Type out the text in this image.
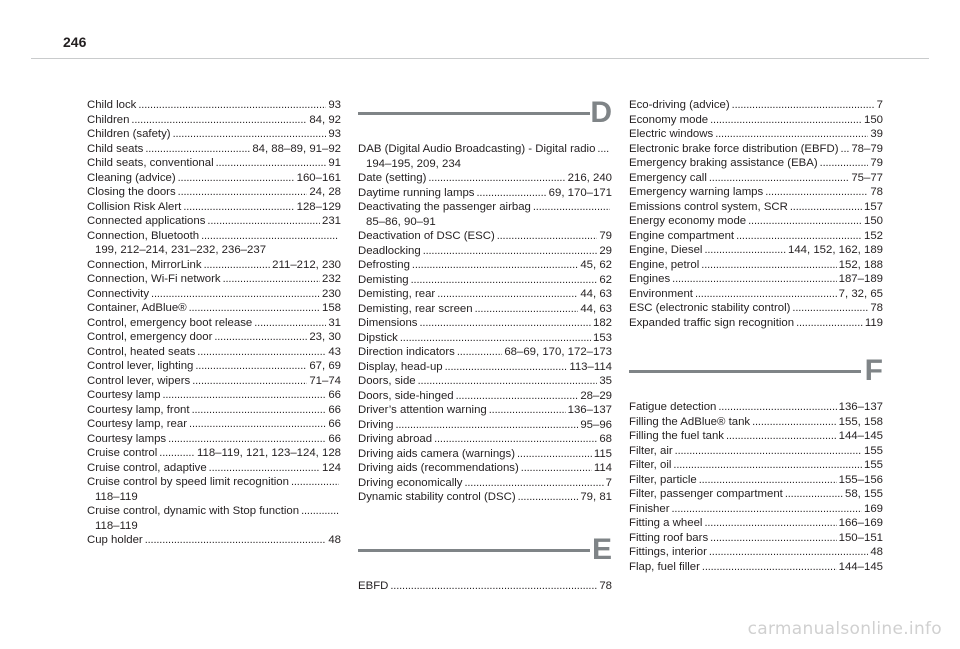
246
Child lock . . .	93
Children . . .	84, 92
Children (safety) . . .	93
Child seats . . .	84, 88–89, 91–92
Child seats, conventional . . .	91
Cleaning (advice) . . .	160–161
Closing the doors . . .	24, 28
Collision Risk Alert . . .	128–129
Connected applications . . .	231
Connection, Bluetooth
. . .
199, 212–214, 231–232, 236–237
Connection, MirrorLink . . .	211–212, 230
Connection, Wi-Fi network . . .	232
Connectivity . . .	230
Container, AdBlue® . . .	158
Control, emergency boot release . . .	31
Control, emergency door . . .	23, 30
Control, heated seats . . .	43
Control lever, lighting . . .	67, 69
Control lever, wipers . . .	71–74
Courtesy lamp . . .	66
Courtesy lamp, front . . .	66
Courtesy lamp, rear . . .	66
Courtesy lamps . . .	66
Cruise control . . .	118–119, 121, 123–124, 128
Cruise control, adaptive . . .	124
Cruise control by speed limit recognition
. . .
118–119
Cruise control, dynamic with Stop function
. . .
118–119
Cup holder . . .	48
D
DAB (Digital Audio Broadcasting) - Digital radio
. . .
194–195, 209, 234
Date (setting) . . .	216, 240
Daytime running lamps . . .	69, 170–171
Deactivating the passenger airbag
. . .
85–86, 90–91
Deactivation of DSC (ESC) . . .	79
Deadlocking . . .	29
Defrosting . . .	45, 62
Demisting . . .	62
Demisting, rear . . .	44, 63
Demisting, rear screen . . .	44, 63
Dimensions . . .	182
Dipstick . . .	153
Direction indicators . . .	68–69, 170, 172–173
Display, head-up . . .	113–114
Doors, side . . .	35
Doors, side-hinged . . .	28–29
Driver’s attention warning . . .	136–137
Driving . . .	95–96
Driving abroad . . .	68
Driving aids camera (warnings) . . .	115
Driving aids (recommendations) . . .	114
Driving economically . . .	7
Dynamic stability control (DSC) . . .	79, 81
E
EBFD . . .	78
Eco-driving (advice) . . .	7
Economy mode . . .	150
Electric windows . . .	39
Electronic brake force distribution (EBFD) . . . 78–79
Emergency braking assistance (EBA) . . .	79
Emergency call . . .	75–77
Emergency warning lamps . . .	78
Emissions control system, SCR . . .	157
Energy economy mode . . .	150
Engine compartment . . .	152
Engine, Diesel . . .	144, 152, 162, 189
Engine, petrol . . .	152, 188
Engines . . .	187–189
Environment . . .	7, 32, 65
ESC (electronic stability control) . . .	78
Expanded traffic sign recognition . . .	119
F
Fatigue detection . . .	136–137
Filling the AdBlue® tank . . .	155, 158
Filling the fuel tank . . .	144–145
Filter, air . . .	155
Filter, oil . . .	155
Filter, particle . . .	155–156
Filter, passenger compartment . . .	58, 155
Finisher . . .	169
Fitting a wheel . . .	166–169
Fitting roof bars . . .	150–151
Fittings, interior . . .	48
Flap, fuel filler . . .	144–145
carmanualsonline.info
